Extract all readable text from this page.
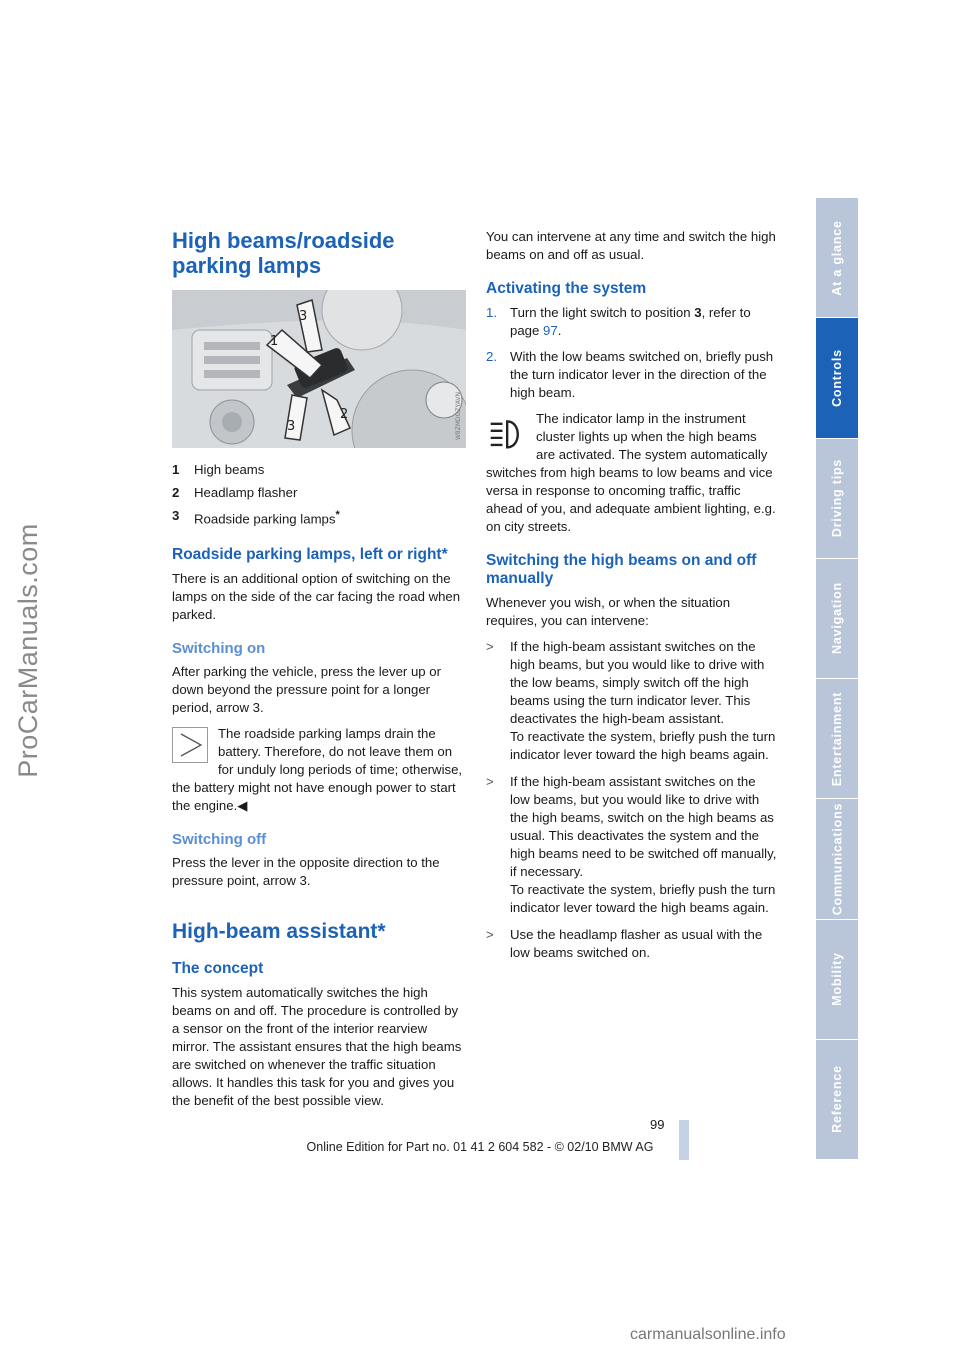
ProCarManuals.com
At a glance
Controls
Driving tips
Navigation
Entertainment
Communications
Mobility
Reference
High beams/roadside parking lamps
1
2
3
3	W8ZMDOZYAVN
1	High beams
2	Headlamp flasher
3	Roadside parking lamps*
Roadside parking lamps, left or right*

There is an additional option of switching on the lamps on the side of the car facing the road when parked.

Switching on

After parking the vehicle, press the lever up or down beyond the pressure point for a longer period, arrow 3.

The roadside parking lamps drain the battery. Therefore, do not leave them on for unduly long periods of time; otherwise, the battery might not have enough power to start the engine.◀

Switching off

Press the lever in the opposite direction to the pressure point, arrow 3.

High-beam assistant*
The concept

This system automatically switches the high beams on and off. The procedure is controlled by a sensor on the front of the interior rearview mirror. The assistant ensures that the high beams are switched on whenever the traffic situation allows. It handles this task for you and gives you the benefit of the best possible view.

You can intervene at any time and switch the high beams on and off as usual.

Activating the system
1. Turn the light switch to position 3, refer to page 97.
2. With the low beams switched on, briefly push the turn indicator lever in the direction of the high beam.

The indicator lamp in the instrument cluster lights up when the high beams are activated. The system automatically switches from high beams to low beams and vice versa in response to oncoming traffic, traffic ahead of you, and adequate ambient lighting, e.g. on city streets.

Switching the high beams on and off manually

Whenever you wish, or when the situation requires, you can intervene:

>	If the high-beam assistant switches on the high beams, but you would like to drive with the low beams, simply switch off the high beams using the turn indicator lever. This deactivates the high-beam assistant.
To reactivate the system, briefly push the turn indicator lever toward the high beams again.
>	If the high-beam assistant switches on the low beams, but you would like to drive with the high beams, switch on the high beams as usual. This deactivates the system and the high beams need to be switched off manually, if necessary.
To reactivate the system, briefly push the turn indicator lever toward the high beams again.
>	Use the headlamp flasher as usual with the low beams switched on.
99
Online Edition for Part no. 01 41 2 604 582 - © 02/10 BMW AG
carmanualsonline.info
